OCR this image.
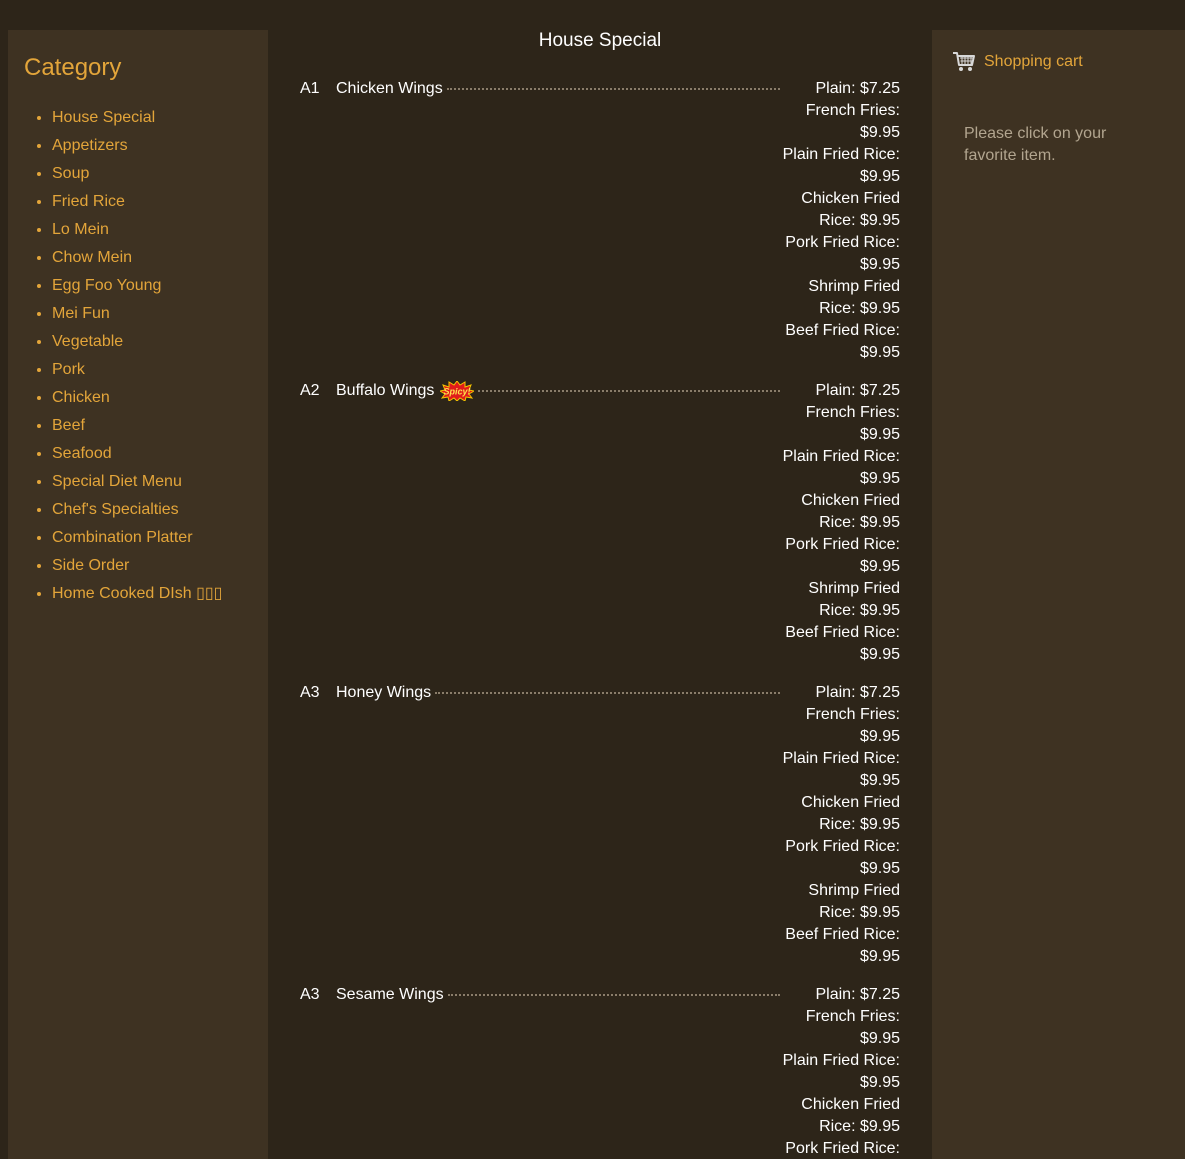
Category
• House Special
• Appetizers
• Soup
• Fried Rice
• Lo Mein
• Chow Mein
• Egg Foo Young
• Mei Fun
• Vegetable
• Pork
• Chicken
• Beef
• Seafood
• Special Diet Menu
• Chef's Specialties
• Combination Platter
• Side Order
• Home Cooked DIsh ▯▯▯
House Special
A1 Chicken Wings	Plain: $7.25
French Fries:
$9.95
Plain Fried Rice:
$9.95
Chicken Fried
Rice: $9.95
Pork Fried Rice:
$9.95
Shrimp Fried
Rice: $9.95
Beef Fried Rice:
$9.95
A2 Buffalo Wings Spicy!	Plain: $7.25
French Fries:
$9.95
Plain Fried Rice:
$9.95
Chicken Fried
Rice: $9.95
Pork Fried Rice:
$9.95
Shrimp Fried
Rice: $9.95
Beef Fried Rice:
$9.95
A3 Honey Wings	Plain: $7.25
French Fries:
$9.95
Plain Fried Rice:
$9.95
Chicken Fried
Rice: $9.95
Pork Fried Rice:
$9.95
Shrimp Fried
Rice: $9.95
Beef Fried Rice:
$9.95
A3 Sesame Wings	Plain: $7.25
French Fries:
$9.95
Plain Fried Rice:
$9.95
Chicken Fried
Rice: $9.95
Pork Fried Rice:
Shopping cart
Please click on your favorite item.
